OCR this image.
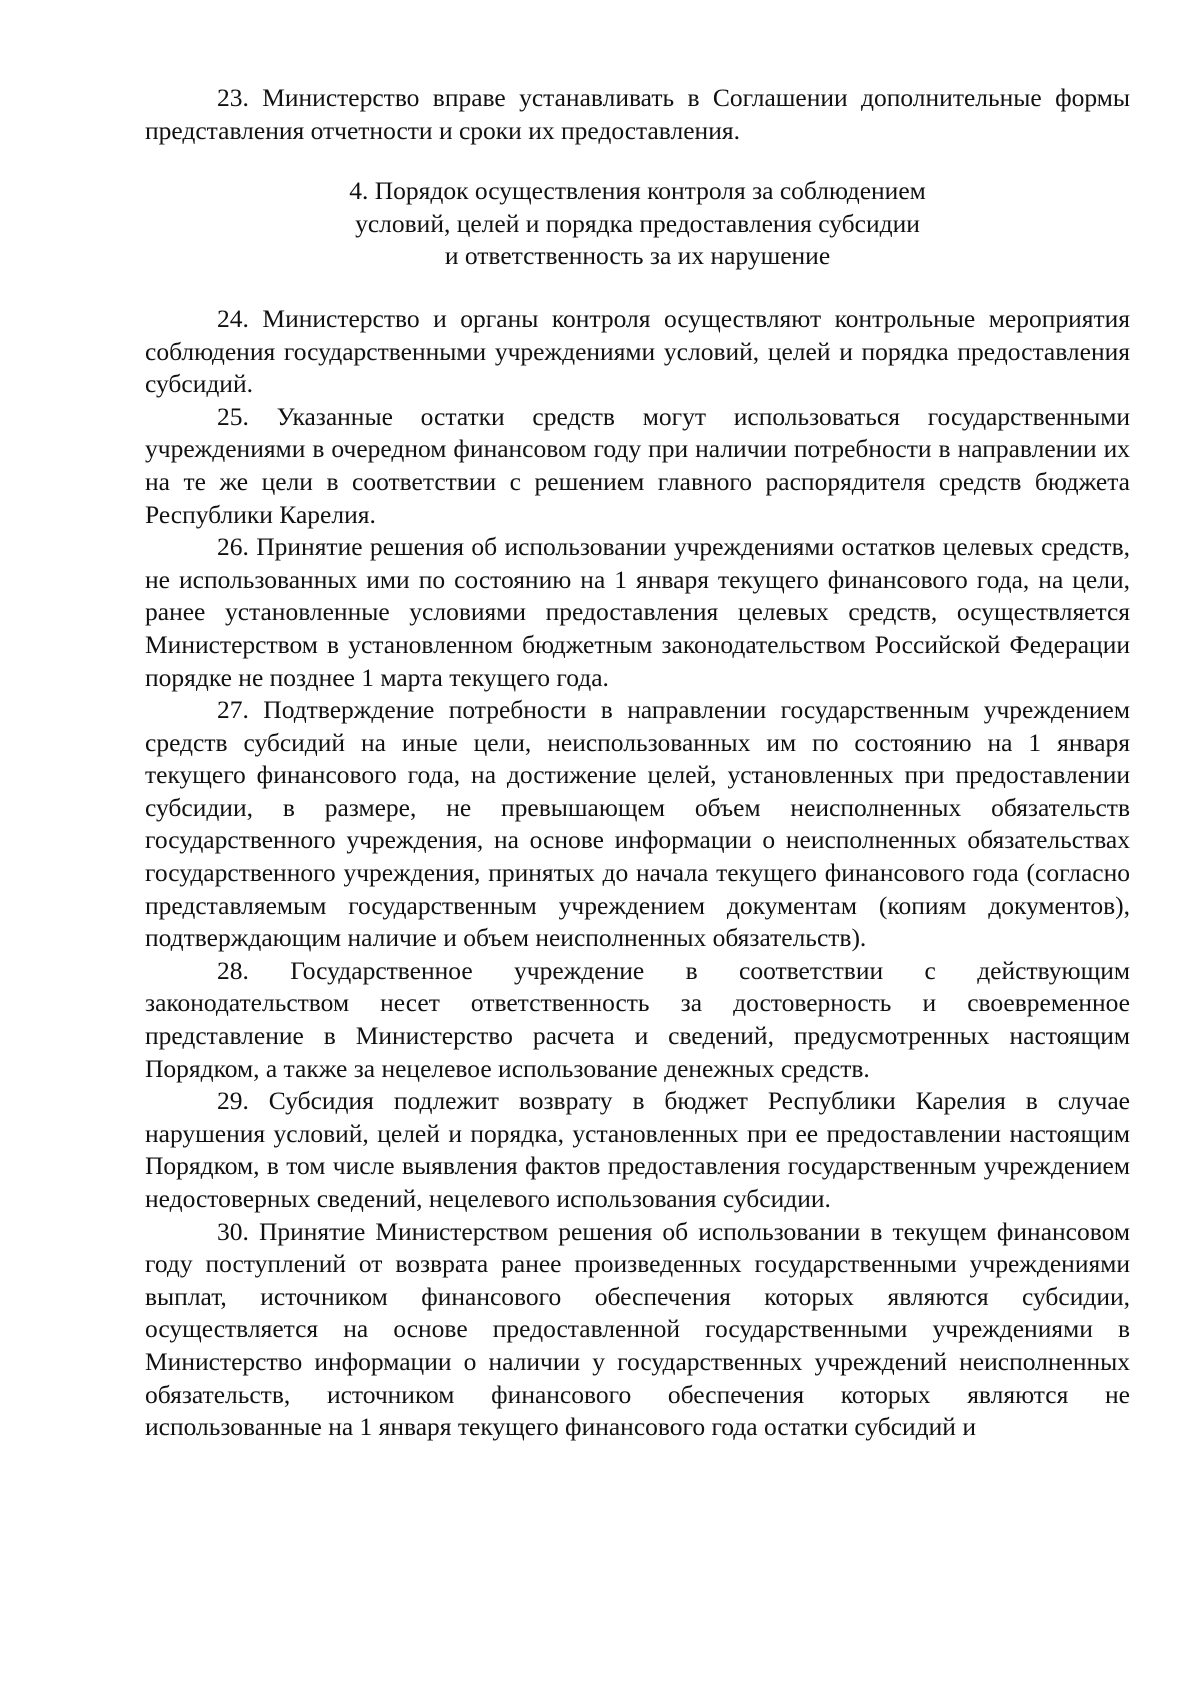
23. Министерство вправе устанавливать в Соглашении дополнительные формы представления отчетности и сроки их предоставления.

4. Порядок осуществления контроля за соблюдением
условий, целей и порядка предоставления субсидии
и ответственность за их нарушение

24. Министерство и органы контроля осуществляют контрольные мероприятия соблюдения государственными учреждениями условий, целей и порядка предоставления субсидий.

25. Указанные остатки средств могут использоваться государственными учреждениями в очередном финансовом году при наличии потребности в направлении их на те же цели в соответствии с решением главного распорядителя средств бюджета Республики Карелия.

26. Принятие решения об использовании учреждениями остатков целевых средств, не использованных ими по состоянию на 1 января текущего финансового года, на цели, ранее установленные условиями предоставления целевых средств, осуществляется Министерством в установленном бюджетным законодательством Российской Федерации порядке не позднее 1 марта текущего года.

27. Подтверждение потребности в направлении государственным учреждением средств субсидий на иные цели, неиспользованных им по состоянию на 1 января текущего финансового года, на достижение целей, установленных при предоставлении субсидии, в размере, не превышающем объем неисполненных обязательств государственного учреждения, на основе информации о неисполненных обязательствах государственного учреждения, принятых до начала текущего финансового года (согласно представляемым государственным учреждением документам (копиям документов), подтверждающим наличие и объем неисполненных обязательств).

28. Государственное учреждение в соответствии с действующим законодательством несет ответственность за достоверность и своевременное представление в Министерство расчета и сведений, предусмотренных настоящим Порядком, а также за нецелевое использование денежных средств.

29. Субсидия подлежит возврату в бюджет Республики Карелия в случае нарушения условий, целей и порядка, установленных при ее предоставлении настоящим Порядком, в том числе выявления фактов предоставления государственным учреждением недостоверных сведений, нецелевого использования субсидии.

30. Принятие Министерством решения об использовании в текущем финансовом году поступлений от возврата ранее произведенных государственными учреждениями выплат, источником финансового обеспечения которых являются субсидии, осуществляется на основе предоставленной государственными учреждениями в Министерство информации о наличии у государственных учреждений неисполненных обязательств, источником финансового обеспечения которых являются не использованные на 1 января текущего финансового года остатки субсидий и
